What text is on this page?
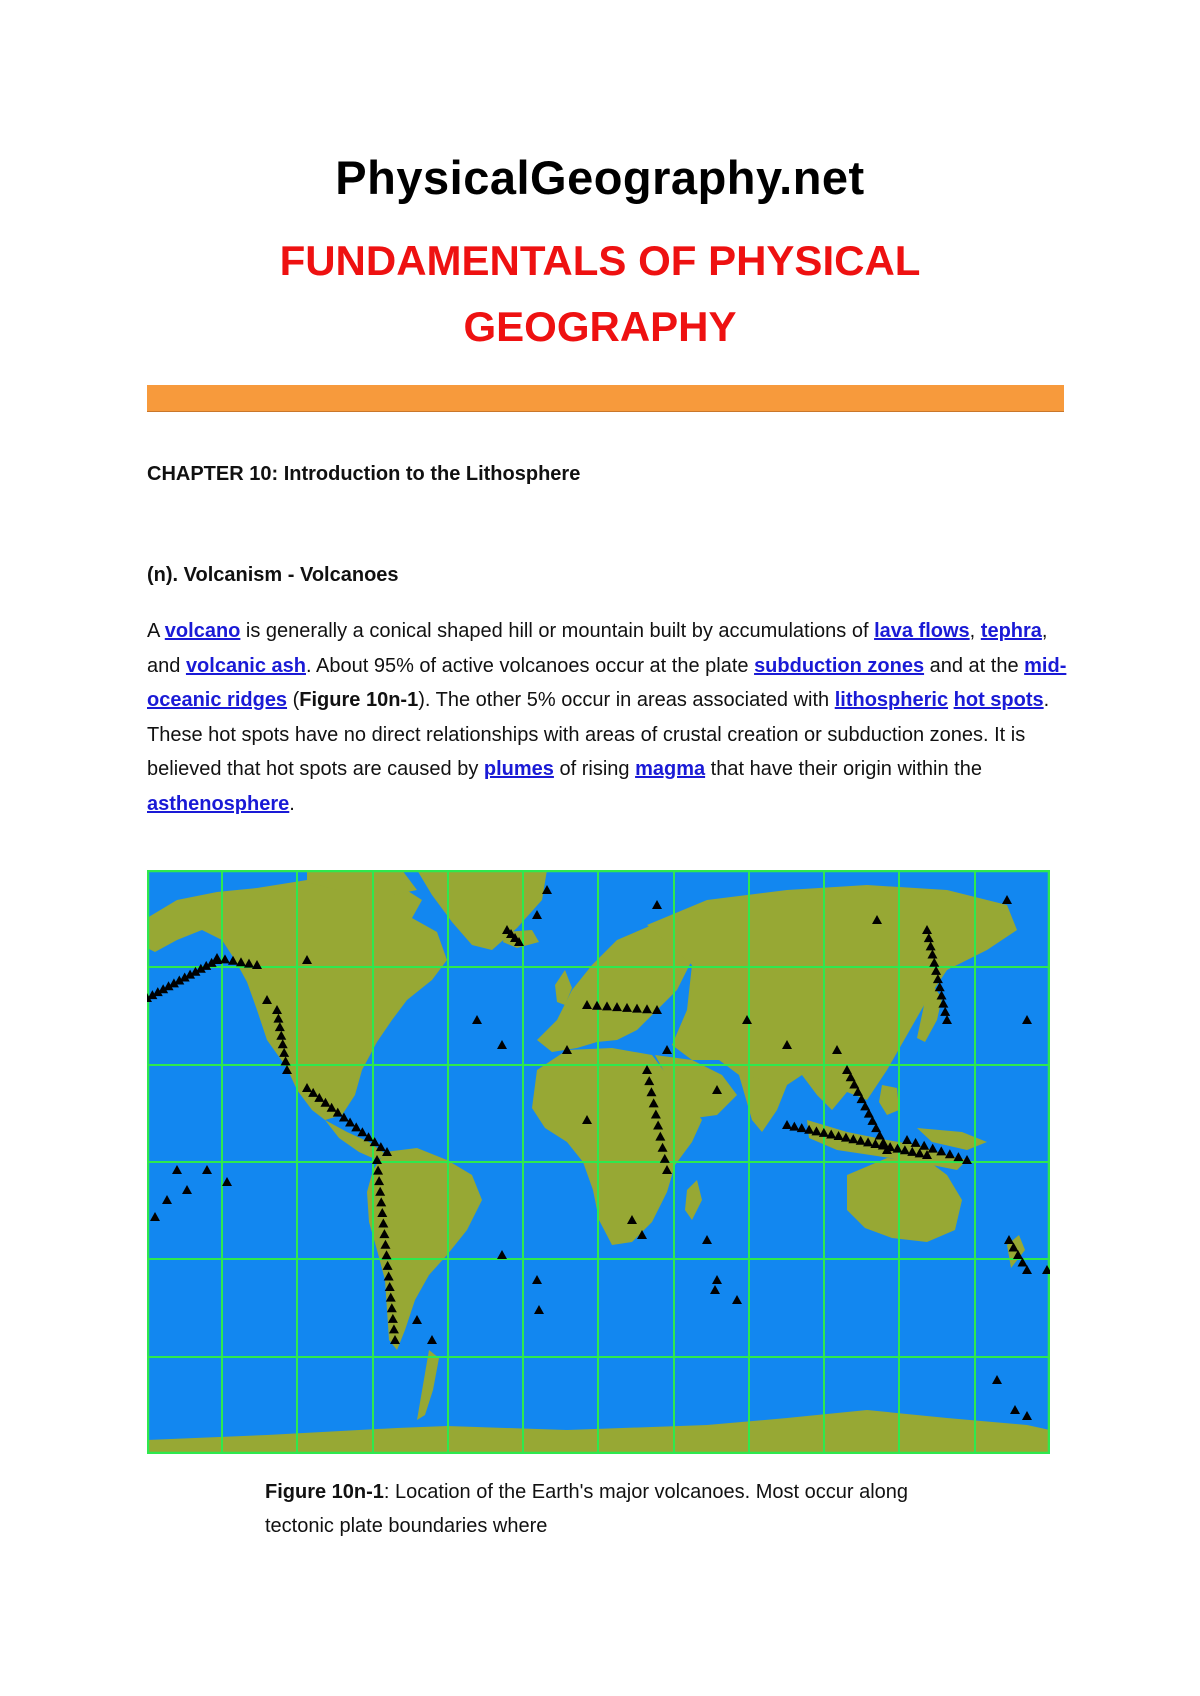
PhysicalGeography.net
FUNDAMENTALS OF PHYSICAL
GEOGRAPHY
CHAPTER 10: Introduction to the Lithosphere
(n). Volcanism - Volcanoes
A volcano is generally a conical shaped hill or mountain built by accumulations of lava flows, tephra, and volcanic ash. About 95% of active volcanoes occur at the plate subduction zones and at the mid-oceanic ridges (Figure 10n-1). The other 5% occur in areas associated with lithospheric hot spots. These hot spots have no direct relationships with areas of crustal creation or subduction zones. It is believed that hot spots are caused by plumes of rising magma that have their origin within the asthenosphere.
Figure 10n-1: Location of the Earth's major volcanoes. Most occur along tectonic plate boundaries where
